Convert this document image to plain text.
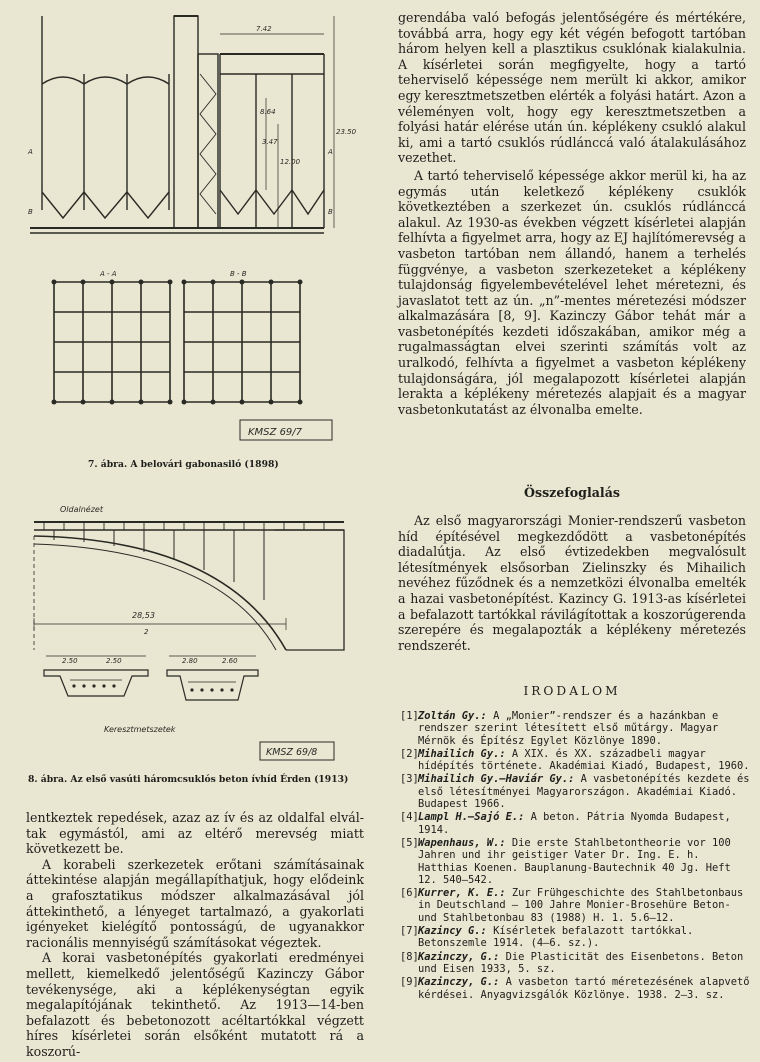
7.42
8.64
3.47
12.00
23.50
A
B
A
B
A - A	B - B
KMSZ 69/7
7. ábra. A belovári gabonasiló (1898)
Oldalnézet
28,53
2
2.50	2.50	2.80	2.60
Keresztmetszetek
KMSZ 69/8
8. ábra. Az első vasúti háromcsuklós beton ívhíd Érden (1913)

lentkeztek repedések, azaz az ív és az oldalfal elváltak egymástól, ami az eltérő merevség miatt következett be.

A korabeli szerkezetek erőtani számításainak áttekintése alapján megállapíthatjuk, hogy elődeink a grafosztatikus módszer alkalmazásával jól áttekinthető, a lényeget tartalmazó, a gyakorlati igényeket kielégítő pontosságú, de ugyanakkor racionális mennyiségű számításokat végeztek.

A korai vasbetonépítés gyakorlati eredményei mellett, kiemelkedő jelentőségű Kazinczy Gábor tevékenysége, aki a képlékenységtan egyik megalapítójának tekinthető. Az 1913—14-ben befalazott és bebetonozott acéltartókkal végzett híres kísérletei során elsőként mutatott rá a koszorú-

gerendába való befogás jelentőségére és mértékére, továbbá arra, hogy egy két végén befogott tartóban három helyen kell a plasztikus csuklónak kialakulnia. A kísérletei során megfigyelte, hogy a tartó teherviselő képessége nem merült ki akkor, amikor egy keresztmetszetben elérték a folyási határt. Azon a véleményen volt, hogy egy keresztmetszetben a folyási határ elérése után ún. képlékeny csukló alakul ki, ami a tartó csuklós rúdlánccá való átalakulásához vezethet.

A tartó teherviselő képessége akkor merül ki, ha az egymás után keletkező képlékeny csuklók következtében a szerkezet ún. csuklós rúdlánccá alakul. Az 1930-as években végzett kísérletei alapján felhívta a figyelmet arra, hogy az EJ hajlítómerevség a vasbeton tartóban nem állandó, hanem a terhelés függvénye, a vasbeton szerkezeteket a képlékeny tulajdonság figyelembevételével lehet méretezni, és javaslatot tett az ún. „n”-mentes méretezési módszer alkalmazására [8, 9]. Kazinczy Gábor tehát már a vasbetonépítés kezdeti időszakában, amikor még a rugalmasságtan elvei szerinti számítás volt az uralkodó, felhívta a figyelmet a vasbeton képlékeny tulajdonságára, jól megalapozott kísérletei alapján lerakta a képlékeny méretezés alapjait és a magyar vasbetonkutatást az élvonalba emelte.

Összefoglalás

Az első magyarországi Monier-rendszerű vasbeton híd építésével megkezdődött a vasbetonépítés diadalútja. Az első évtizedekben megvalósult létesítmények elsősorban Zielinszky és Mihailich nevéhez fűződnek és a nemzetközi élvonalba emelték a hazai vasbetonépítést. Kazincy G. 1913-as kísérletei a befalazott tartókkal rávilágítottak a koszorúgerenda szerepére és megalapozták a képlékeny méretezés rendszerét.

IRODALOM
[1] Zoltán Gy.: A „Monier”-rendszer és a hazánkban e rendszer szerint létesített első műtárgy. Magyar Mérnök és Építész Egylet Közlönye 1890.
[2] Mihailich Gy.: A XIX. és XX. századbeli magyar hídépítés története. Akadémiai Kiadó, Budapest, 1960.
[3] Mihailich Gy.—Haviár Gy.: A vasbetonépítés kezdete és első létesítményei Magyarországon. Akadémiai Kiadó. Budapest 1966.
[4] Lampl H.—Sajó E.: A beton. Pátria Nyomda Budapest, 1914.
[5] Wapenhaus, W.: Die erste Stahlbetontheorie vor 100 Jahren und ihr geistiger Vater Dr. Ing. E. h. Hatthias Koenen. Bauplanung-Bautechnik 40 Jg. Heft 12. 540—542.
[6] Kurrer, K. E.: Zur Frühgeschichte des Stahlbetonbaus in Deutschland — 100 Jahre Monier-Brosehüre Beton- und Stahlbetonbau 83 (1988) H. 1. 5.6—12.
[7] Kazincy G.: Kísérletek befalazott tartókkal. Betonszemle 1914. (4—6. sz.).
[8] Kazinczy, G.: Die Plasticität des Eisenbetons. Beton und Eisen 1933, 5. sz.
[9] Kazinczy, G.: A vasbeton tartó méretezésének alapvető kérdései. Anyagvizsgálók Közlönye. 1938. 2—3. sz.
